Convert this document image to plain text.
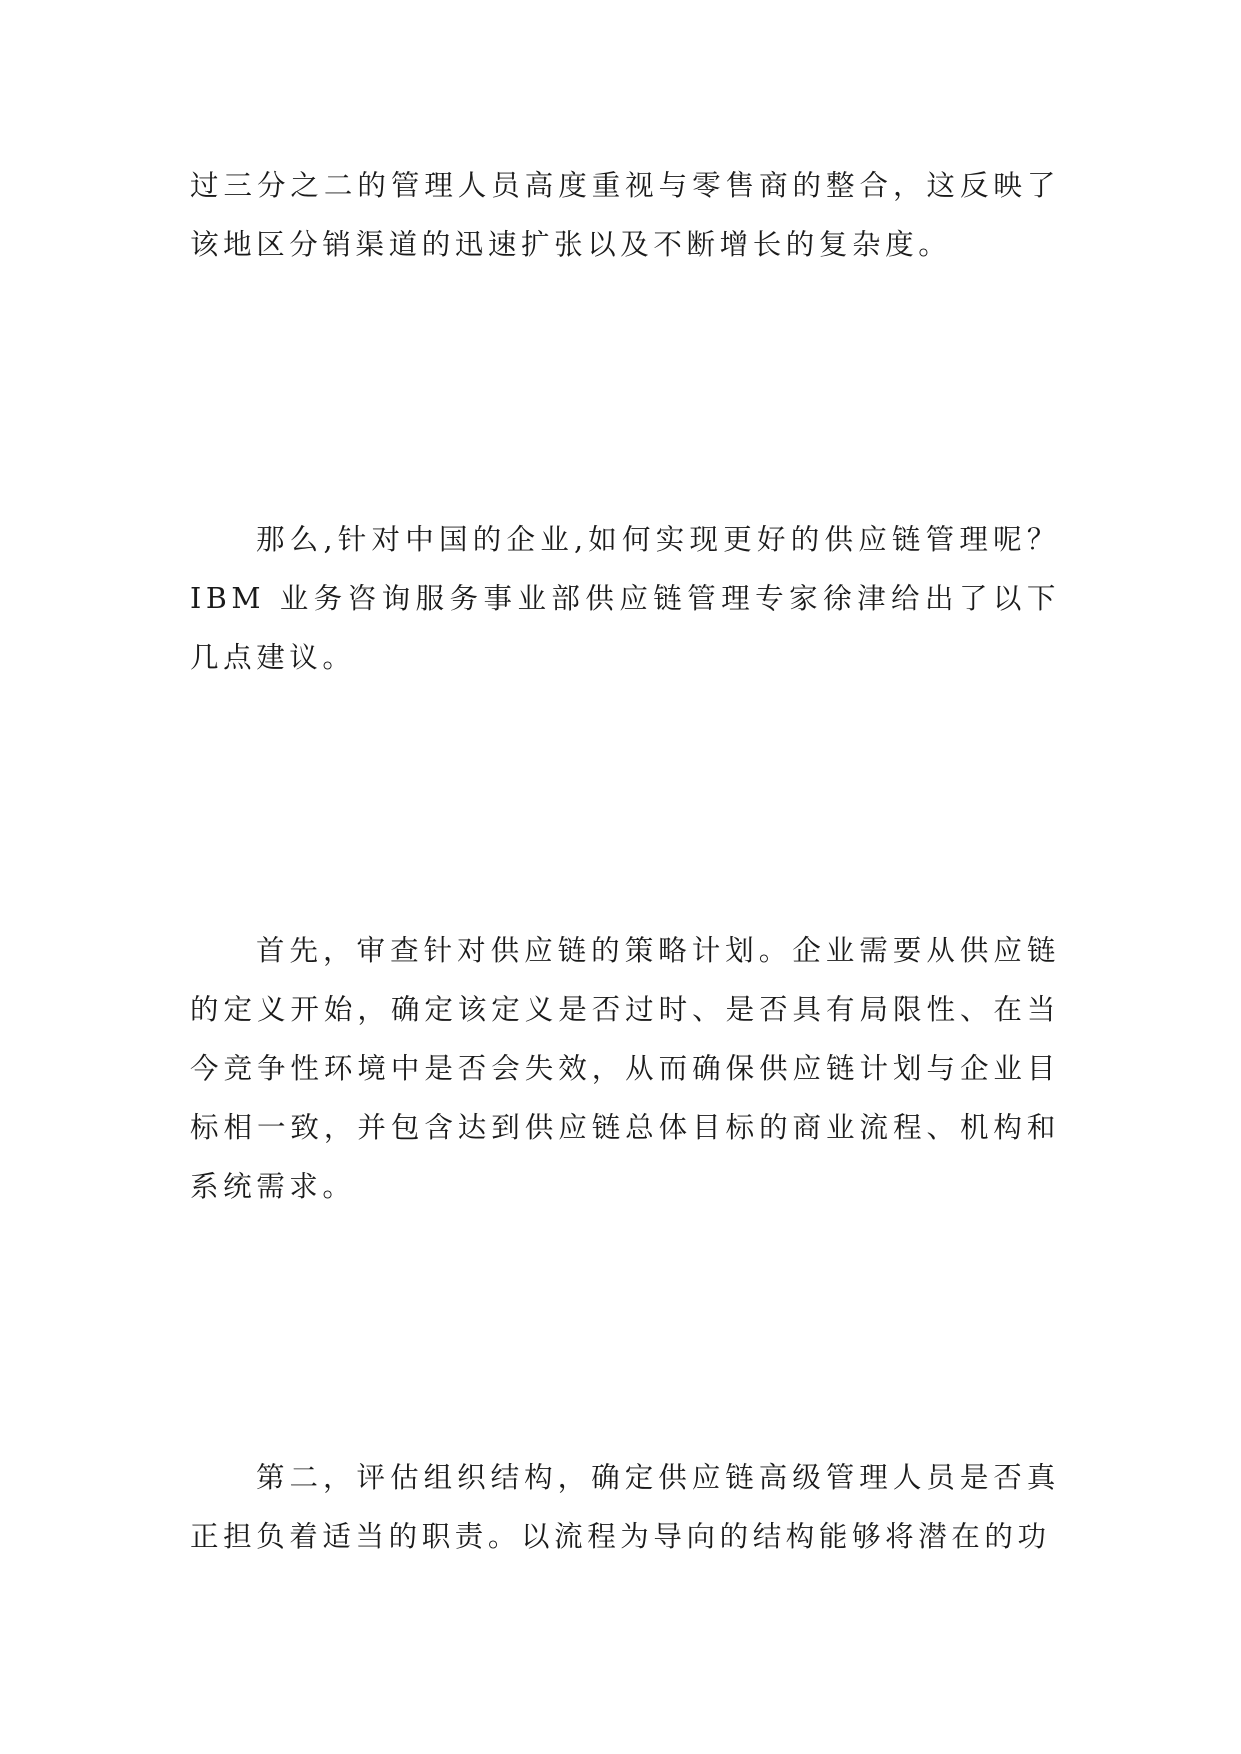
过三分之二的管理人员高度重视与零售商的整合，这反映了该地区分销渠道的迅速扩张以及不断增长的复杂度。

那么,针对中国的企业,如何实现更好的供应链管理呢？IBM 业务咨询服务事业部供应链管理专家徐津给出了以下几点建议。

首先，审查针对供应链的策略计划。企业需要从供应链的定义开始，确定该定义是否过时、是否具有局限性、在当今竞争性环境中是否会失效，从而确保供应链计划与企业目标相一致，并包含达到供应链总体目标的商业流程、机构和系统需求。

第二，评估组织结构，确定供应链高级管理人员是否真正担负着适当的职责。以流程为导向的结构能够将潜在的功
